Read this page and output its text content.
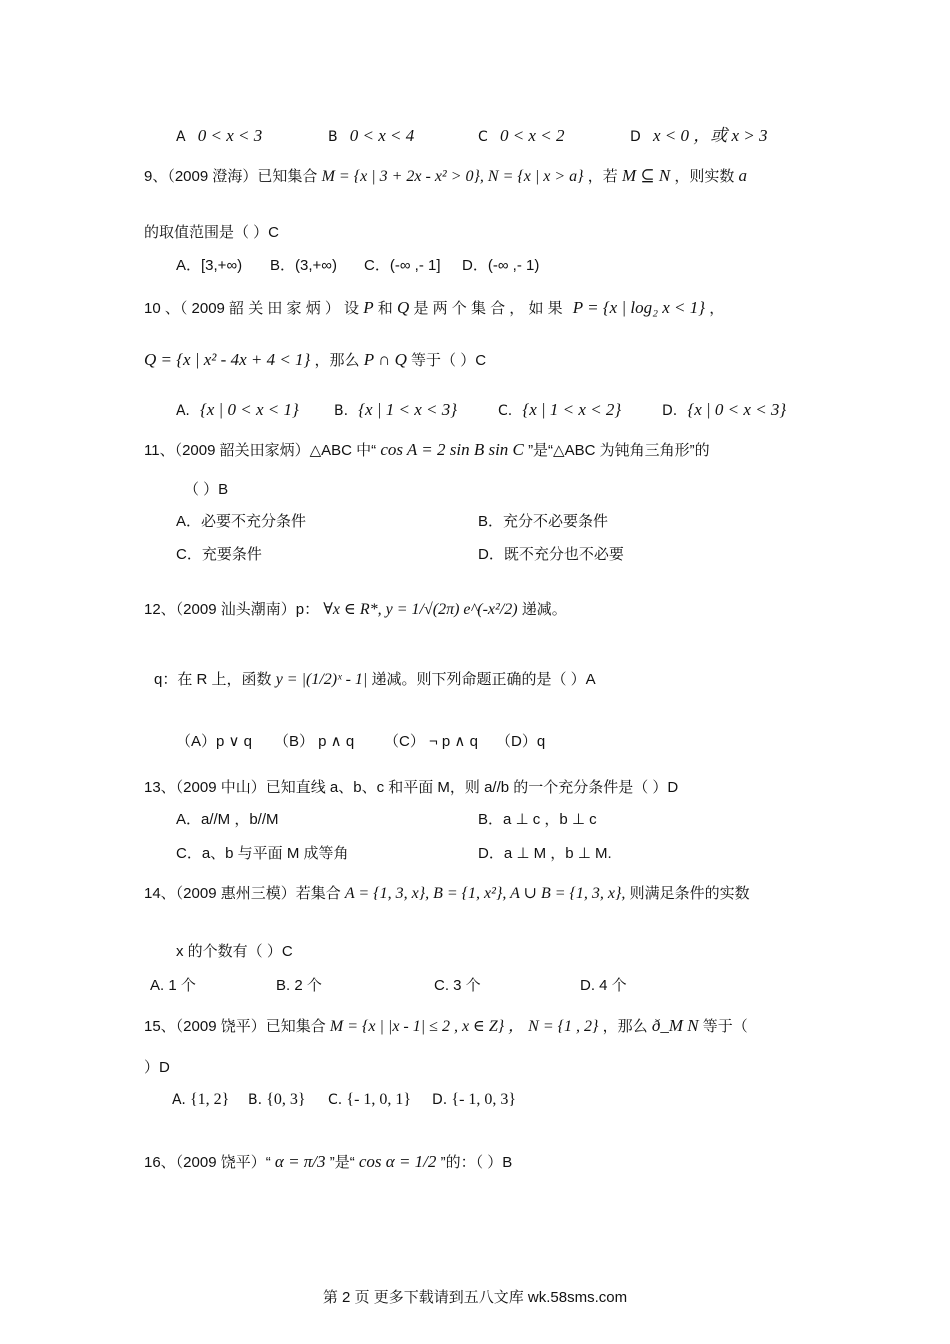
A 0 < x < 3	B 0 < x < 4	C 0 < x < 2	D x < 0 ，或 x > 3
9、（2009 澄海）已知集合 M = {x | 3 + 2x - x² > 0}, N = {x | x > a} ，若 M ⊆ N ，则实数 a
的取值范围是（ ）C
A．[3,+∞) B．(3,+∞) C．(-∞ ,- 1] D．(-∞ ,- 1)
10 、（ 2009 韶 关 田 家 炳 ） 设 P 和 Q 是 两 个 集 合 ， 如 果 P = {x | log₂ x < 1} ，
Q = {x | x² - 4x + 4 < 1} ，那么 P ∩ Q 等于（ ）C
A. {x | 0 < x < 1}	B. {x | 1 < x < 3}	C. {x | 1 < x < 2}	D. {x | 0 < x < 3}
11、（2009 韶关田家炳）△ABC 中“ cos A = 2 sin B sin C ”是“△ABC 为钝角三角形”的
（ ）B
A．必要不充分条件	B．充分不必要条件
C．充要条件	D．既不充分也不必要
12、（2009 汕头潮南）p： ∀x ∈ R*, y = 1/√(2π) e^(-x²/2) 递减。
q：在 R 上，函数 y = |(1/2)ˣ - 1| 递减。则下列命题正确的是（ ）A
（A）p ∨ q （B） p ∧ q （C） ¬ p ∧ q （D）q
13、（2009 中山）已知直线 a、b、c 和平面 M，则 a//b 的一个充分条件是（ ）D
A．a//M ，b//M	B．a ⊥ c ，b ⊥ c
C．a、b 与平面 M 成等角	D．a ⊥ M ，b ⊥ M.
14、（2009 惠州三模）若集合 A = {1, 3, x}, B = {1, x²}, A ∪ B = {1, 3, x}, 则满足条件的实数
x 的个数有（ ）C
A. 1 个	B. 2 个	C. 3 个	D. 4 个
15、（2009 饶平）已知集合 M = {x | |x - 1| ≤ 2 , x ∈ Z} ， N = {1 , 2} ，那么 ð_M N 等于（
）D
A. {1, 2} B. {0, 3} C. {- 1, 0, 1} D. {- 1, 0, 3}
16、（2009 饶平）“ α = π/3 ”是“ cos α = 1/2 ”的：（ ）B
第 2 页 更多下载请到五八文库 wk.58sms.com
